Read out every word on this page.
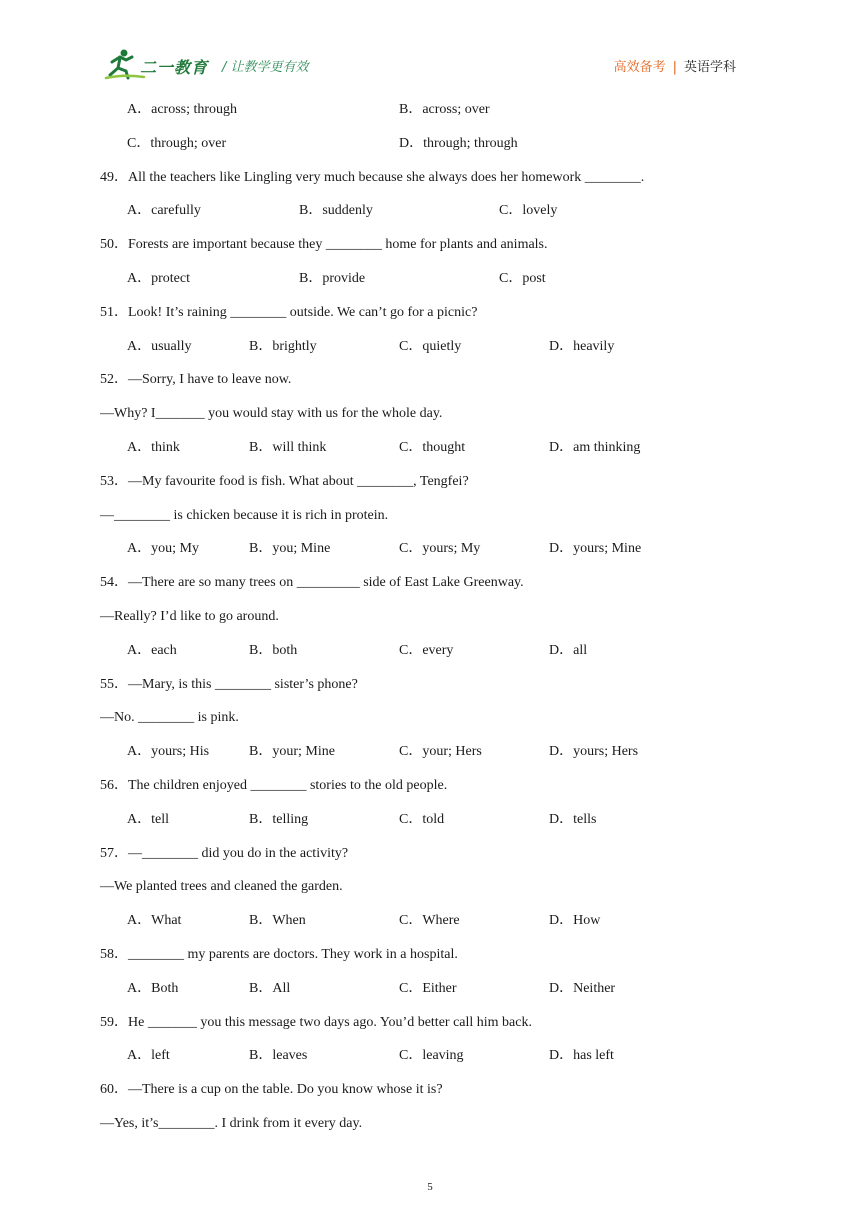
二一教育 / 让教学更有效	高效备考 | 英语学科
A．across; through	B．across; over
C．through; over	D．through; through
49．All the teachers like Lingling very much because she always does her homework ________.
A．carefully	B．suddenly	C．lovely
50．Forests are important because they ________ home for plants and animals.
A．protect	B．provide	C．post
51．Look! It’s raining ________ outside. We can’t go for a picnic?
A．usually	B．brightly	C．quietly	D．heavily
52．—Sorry, I have to leave now.
—Why? I_______ you would stay with us for the whole day.
A．think	B．will think	C．thought	D．am thinking
53．—My favourite food is fish. What about ________, Tengfei?
—________ is chicken because it is rich in protein.
A．you; My	B．you; Mine	C．yours; My	D．yours; Mine
54．—There are so many trees on _________ side of East Lake Greenway.
—Really? I’d like to go around.
A．each	B．both	C．every	D．all
55．—Mary, is this ________ sister’s phone?
—No. ________ is pink.
A．yours; His	B．your; Mine	C．your; Hers	D．yours; Hers
56．The children enjoyed ________ stories to the old people.
A．tell	B．telling	C．told	D．tells
57．—________ did you do in the activity?
—We planted trees and cleaned the garden.
A．What	B．When	C．Where	D．How
58．________ my parents are doctors. They work in a hospital.
A．Both	B．All	C．Either	D．Neither
59．He _______ you this message two days ago. You’d better call him back.
A．left	B．leaves	C．leaving	D．has left
60．—There is a cup on the table. Do you know whose it is?
—Yes, it’s________. I drink from it every day.
5
